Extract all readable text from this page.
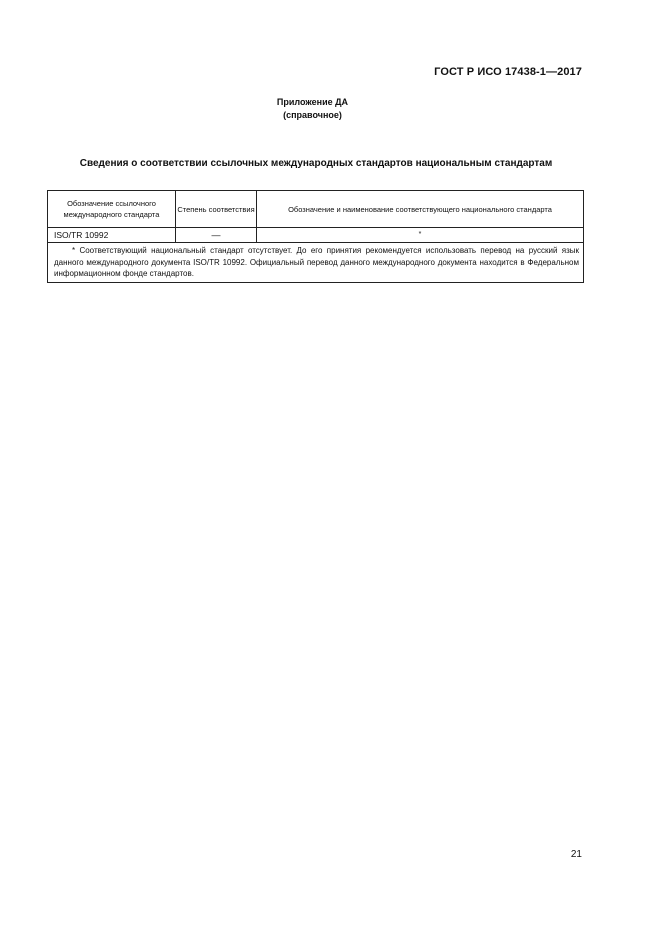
ГОСТ Р ИСО 17438-1—2017
Приложение ДА
(справочное)
Сведения о соответствии ссылочных международных стандартов национальным стандартам
Обозначение ссылочного международного стандарта	Степень соответствия	Обозначение и наименование соответствующего национального стандарта
ISO/TR 10992	—	*

* Соответствующий национальный стандарт отсутствует. До его принятия рекомендуется использовать перевод на русский язык данного международного документа ISO/TR 10992. Официальный перевод данного международного документа находится в Федеральном информационном фонде стандартов.		
21
